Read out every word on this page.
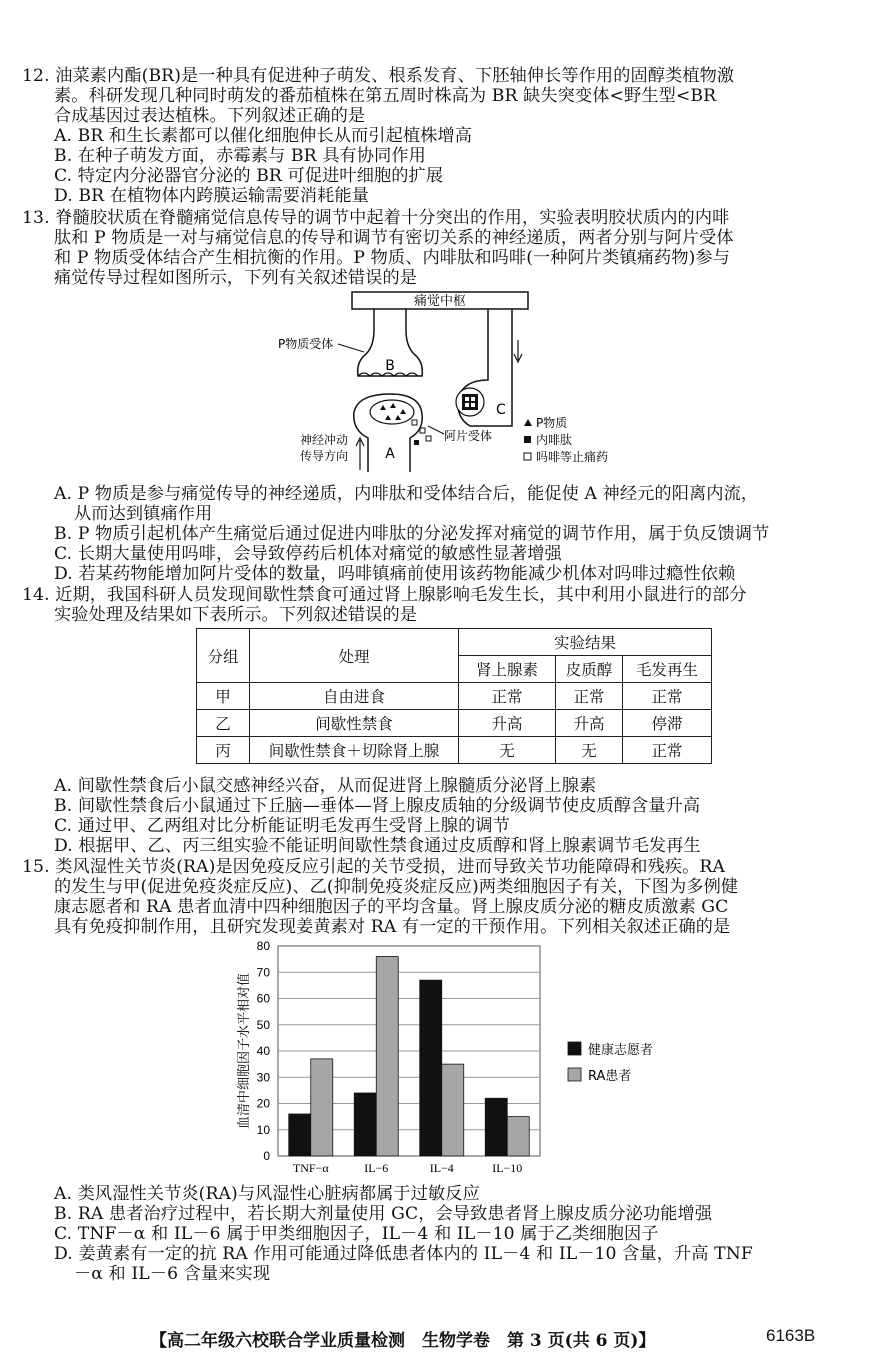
12. 油菜素内酯(BR)是一种具有促进种子萌发、根系发育、下胚轴伸长等作用的固醇类植物激
素。科研发现几种同时萌发的番茄植株在第五周时株高为 BR 缺失突变体<野生型<BR
合成基因过表达植株。下列叙述正确的是
A. BR 和生长素都可以催化细胞伸长从而引起植株增高
B. 在种子萌发方面，赤霉素与 BR 具有协同作用
C. 特定内分泌器官分泌的 BR 可促进叶细胞的扩展
D. BR 在植物体内跨膜运输需要消耗能量
13. 脊髓胶状质在脊髓痛觉信息传导的调节中起着十分突出的作用，实验表明胶状质内的内啡
肽和 P 物质是一对与痛觉信息的传导和调节有密切关系的神经递质，两者分别与阿片受体
和 P 物质受体结合产生相抗衡的作用。P 物质、内啡肽和吗啡(一种阿片类镇痛药物)参与
痛觉传导过程如图所示，下列有关叙述错误的是
痛觉中枢
B
P物质受体
A
神经冲动
传导方向
阿片受体
C
P物质
内啡肽
吗啡等止痛药
A. P 物质是参与痛觉传导的神经递质，内啡肽和受体结合后，能促使 A 神经元的阳离内流，
从而达到镇痛作用
B. P 物质引起机体产生痛觉后通过促进内啡肽的分泌发挥对痛觉的调节作用，属于负反馈调节
C. 长期大量使用吗啡，会导致停药后机体对痛觉的敏感性显著增强
D. 若某药物能增加阿片受体的数量，吗啡镇痛前使用该药物能减少机体对吗啡过瘾性依赖
14. 近期，我国科研人员发现间歇性禁食可通过肾上腺影响毛发生长，其中利用小鼠进行的部分
实验处理及结果如下表所示。下列叙述错误的是
分组	处理	实验结果		
		肾上腺素	皮质醇	毛发再生
甲	自由进食	正常	正常	正常
乙	间歇性禁食	升高	升高	停滞
丙	间歇性禁食＋切除肾上腺	无	无	正常
A. 间歇性禁食后小鼠交感神经兴奋，从而促进肾上腺髓质分泌肾上腺素
B. 间歇性禁食后小鼠通过下丘脑—垂体—肾上腺皮质轴的分级调节使皮质醇含量升高
C. 通过甲、乙两组对比分析能证明毛发再生受肾上腺的调节
D. 根据甲、乙、丙三组实验不能证明间歇性禁食通过皮质醇和肾上腺素调节毛发再生
15. 类风湿性关节炎(RA)是因免疫反应引起的关节受损，进而导致关节功能障碍和残疾。RA
的发生与甲(促进免疫炎症反应)、乙(抑制免疫炎症反应)两类细胞因子有关，下图为多例健
康志愿者和 RA 患者血清中四种细胞因子的平均含量。肾上腺皮质分泌的糖皮质激素 GC
具有免疫抑制作用，且研究发现姜黄素对 RA 有一定的干预作用。下列相关叙述正确的是
0
10
20
30
40
50
60
70
80
血清中细胞因子水平相对值
TNF−α	IL−6	IL−4	IL−10
健康志愿者
RA患者
A. 类风湿性关节炎(RA)与风湿性心脏病都属于过敏反应
B. RA 患者治疗过程中，若长期大剂量使用 GC，会导致患者肾上腺皮质分泌功能增强
C. TNF－α 和 IL－6 属于甲类细胞因子，IL－4 和 IL－10 属于乙类细胞因子
D. 姜黄素有一定的抗 RA 作用可能通过降低患者体内的 IL－4 和 IL－10 含量，升高 TNF
－α 和 IL－6 含量来实现
【高二年级六校联合学业质量检测　生物学卷　第 3 页(共 6 页)】	6163B
